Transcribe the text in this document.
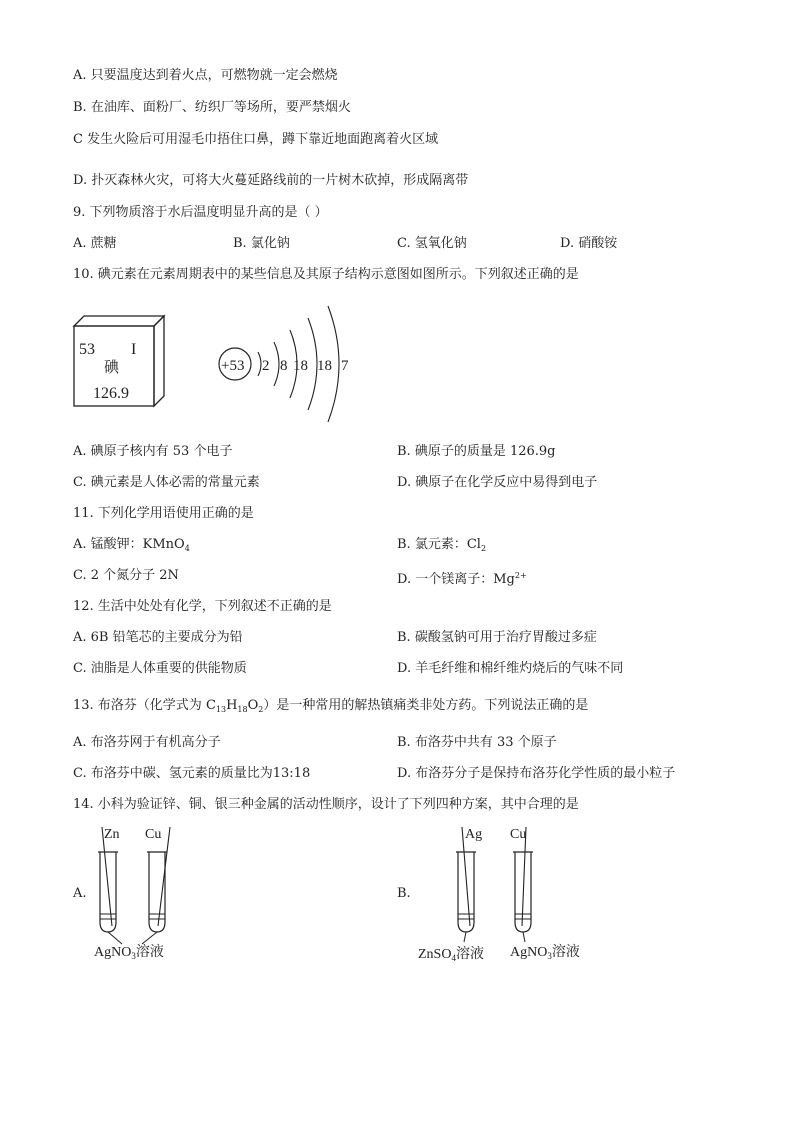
A. 只要温度达到着火点，可燃物就一定会燃烧
B. 在油库、面粉厂、纺织厂等场所，要严禁烟火
C 发生火险后可用湿毛巾捂住口鼻，蹲下靠近地面跑离着火区域
D. 扑灭森林火灾，可将大火蔓延路线前的一片树木砍掉，形成隔离带
9. 下列物质溶于水后温度明显升高的是（ ）
A. 蔗糖	B. 氯化钠	C. 氢氧化钠	D. 硝酸铵
10. 碘元素在元素周期表中的某些信息及其原子结构示意图如图所示。下列叙述正确的是
53 I
碘
126.9
+53 2 8 18 18 7
A. 碘原子核内有 53 个电子	B. 碘原子的质量是 126.9g
C. 碘元素是人体必需的常量元素	D. 碘原子在化学反应中易得到电子
11. 下列化学用语使用正确的是
A. 锰酸钾：KMnO$_4$	B. 氯元素：$Cl_2$
C. 2 个氮分子 2N	D. 一个镁离子：$Mg^{2+}$
12. 生活中处处有化学，下列叙述不正确的是
A. 6B 铅笔芯的主要成分为铅	B. 碳酸氢钠可用于治疗胃酸过多症
C. 油脂是人体重要的供能物质	D. 羊毛纤维和棉纤维灼烧后的气味不同
13. 布洛芬（化学式为 $C_{13}H_{18}O_2$）是一种常用的解热镇痛类非处方药。下列说法正确的是
A. 布洛芬网于有机高分子	B. 布洛芬中共有 33 个原子
C. 布洛芬中碳、氢元素的质量比为13:18	D. 布洛芬分子是保持布洛芬化学性质的最小粒子
14. 小科为验证锌、铜、银三种金属的活动性顺序，设计了下列四种方案，其中合理的是
A.
Zn Cu
AgNO$_3$溶液
B.
Ag Cu
ZnSO$_4$溶液 AgNO$_3$溶液
